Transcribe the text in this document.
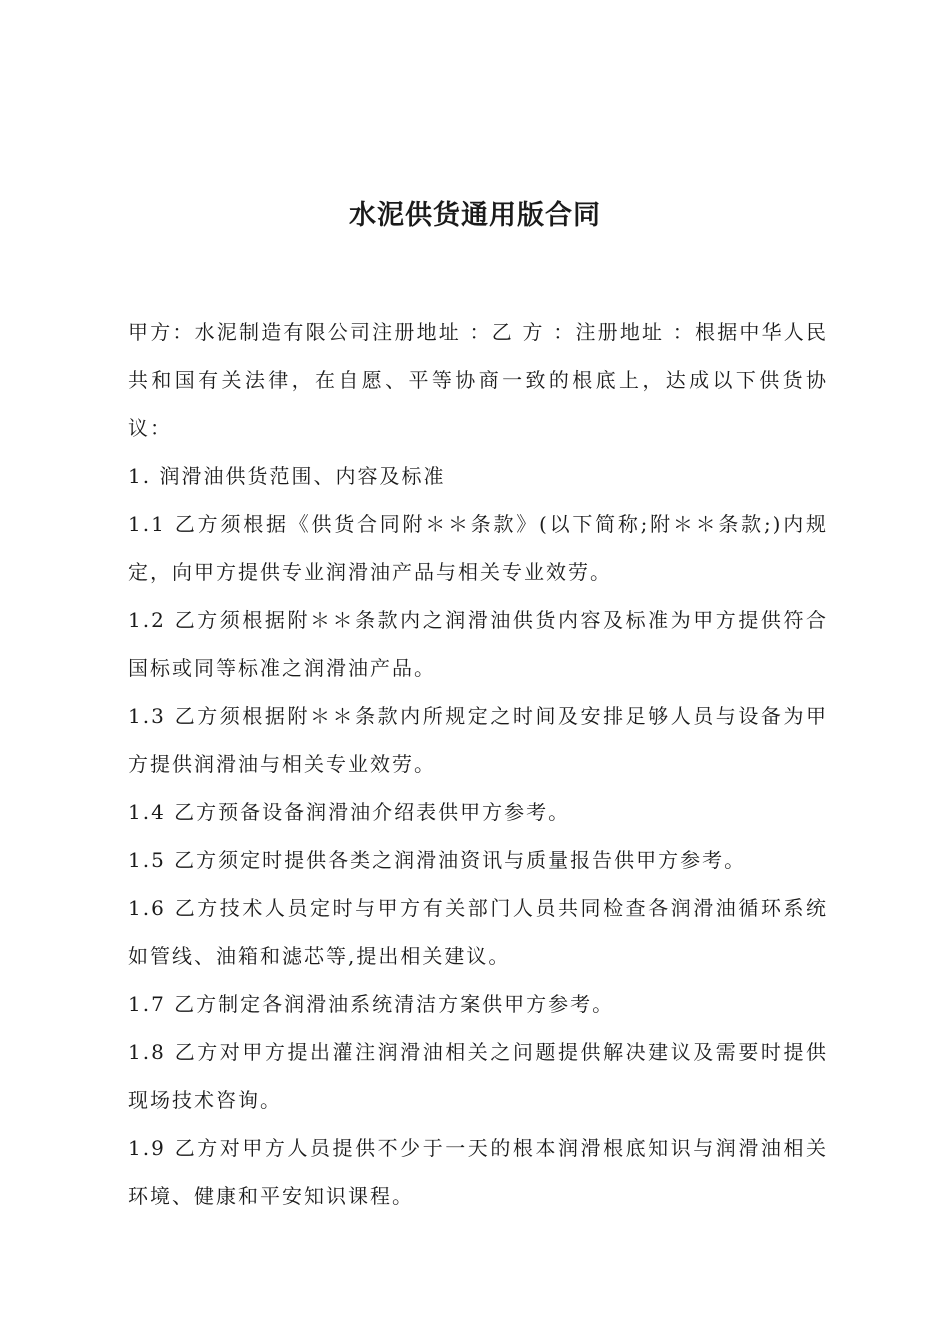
水泥供货通用版合同

甲方：水泥制造有限公司注册地址 ：乙 方 ：注册地址 ：根据中华人民共和国有关法律，在自愿、平等协商一致的根底上，达成以下供货协议：

1. 润滑油供货范围、内容及标准

1.1 乙方须根据《供货合同附＊＊条款》(以下简称;附＊＊条款;)内规定，向甲方提供专业润滑油产品与相关专业效劳。

1.2 乙方须根据附＊＊条款内之润滑油供货内容及标准为甲方提供符合国标或同等标准之润滑油产品。

1.3 乙方须根据附＊＊条款内所规定之时间及安排足够人员与设备为甲方提供润滑油与相关专业效劳。

1.4 乙方预备设备润滑油介绍表供甲方参考。

1.5 乙方须定时提供各类之润滑油资讯与质量报告供甲方参考。

1.6 乙方技术人员定时与甲方有关部门人员共同检查各润滑油循环系统如管线、油箱和滤芯等,提出相关建议。

1.7 乙方制定各润滑油系统清洁方案供甲方参考。

1.8 乙方对甲方提出灌注润滑油相关之问题提供解决建议及需要时提供现场技术咨询。

1.9 乙方对甲方人员提供不少于一天的根本润滑根底知识与润滑油相关环境、健康和平安知识课程。
